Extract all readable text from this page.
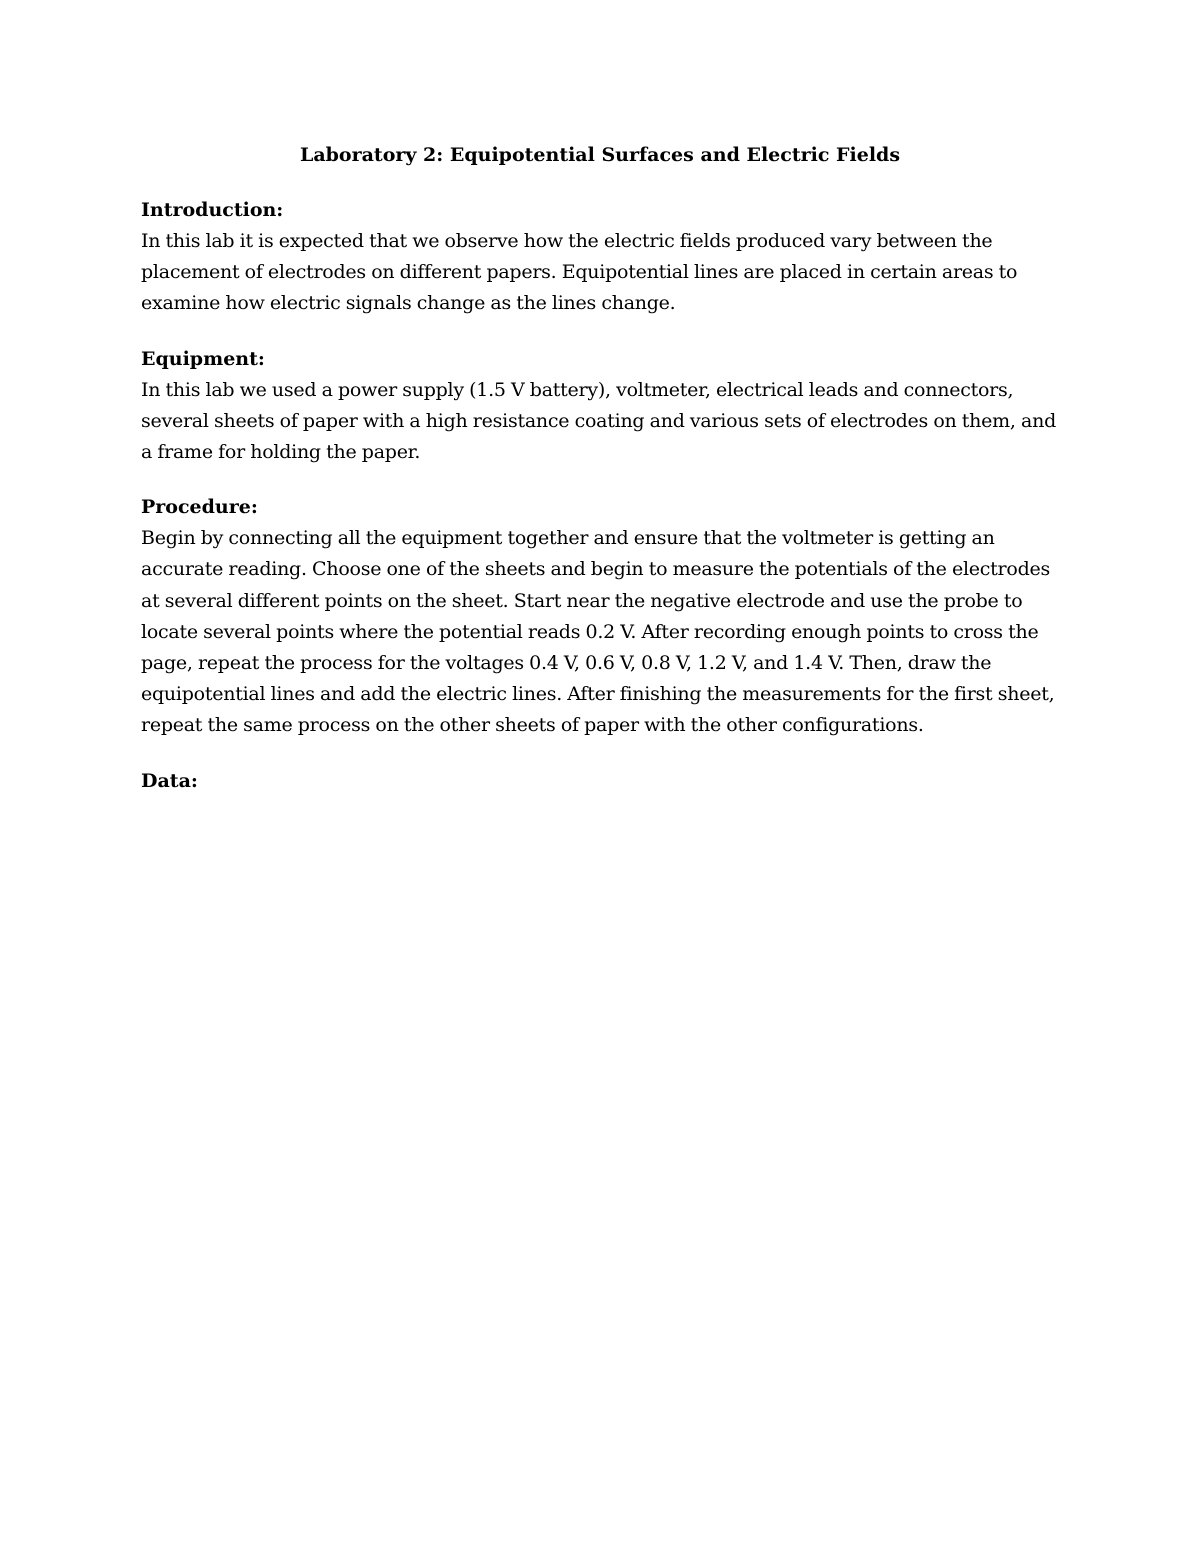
Laboratory 2: Equipotential Surfaces and Electric Fields
Introduction:

In this lab it is expected that we observe how the electric fields produced vary between the placement of electrodes on different papers. Equipotential lines are placed in certain areas to examine how electric signals change as the lines change.

Equipment:

In this lab we used a power supply (1.5 V battery), voltmeter, electrical leads and connectors, several sheets of paper with a high resistance coating and various sets of electrodes on them, and a frame for holding the paper.

Procedure:

Begin by connecting all the equipment together and ensure that the voltmeter is getting an accurate reading. Choose one of the sheets and begin to measure the potentials of the electrodes at several different points on the sheet. Start near the negative electrode and use the probe to locate several points where the potential reads 0.2 V. After recording enough points to cross the page, repeat the process for the voltages 0.4 V, 0.6 V, 0.8 V, 1.2 V, and 1.4 V. Then, draw the equipotential lines and add the electric lines. After finishing the measurements for the first sheet, repeat the same process on the other sheets of paper with the other configurations.

Data:
